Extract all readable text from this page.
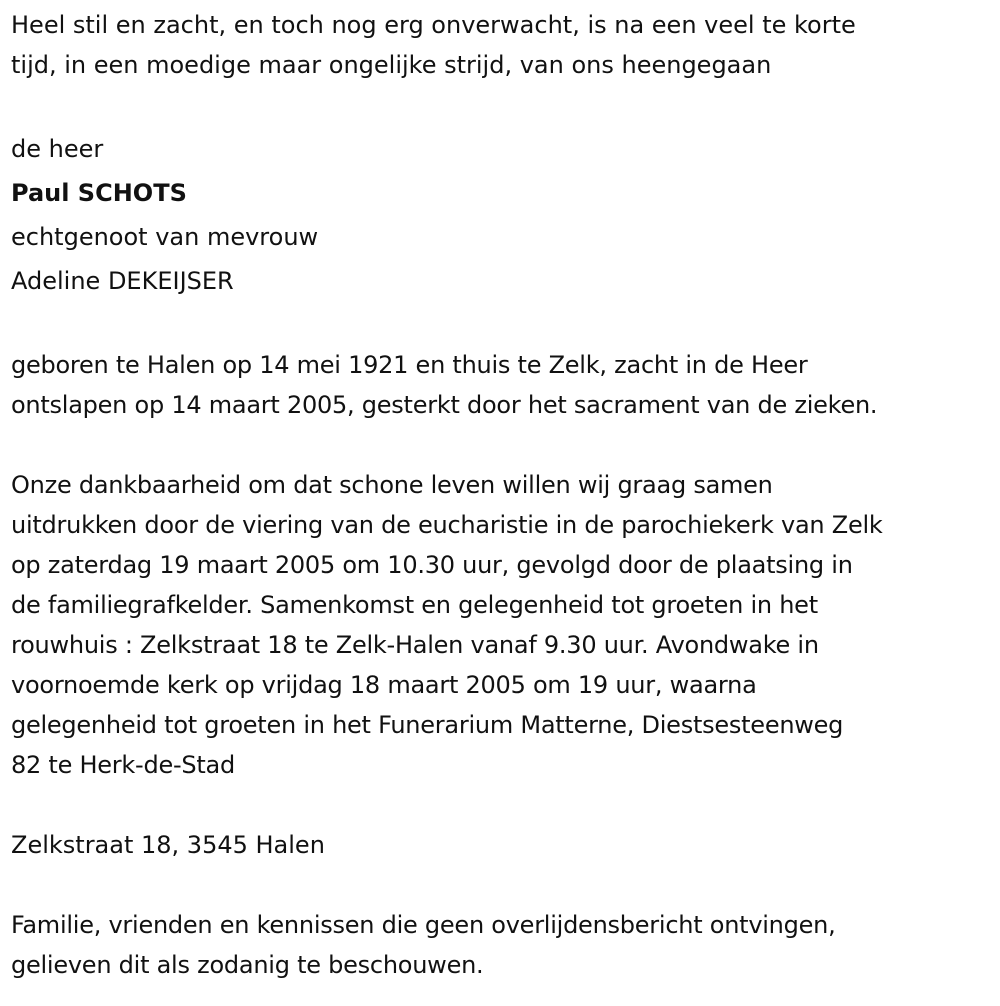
Heel stil en zacht, en toch nog erg onverwacht, is na een veel te korte
tijd, in een moedige maar ongelijke strijd, van ons heengegaan

de heer
Paul SCHOTS
echtgenoot van mevrouw
Adeline DEKEIJSER

geboren te Halen op 14 mei 1921 en thuis te Zelk, zacht in de Heer
ontslapen op 14 maart 2005, gesterkt door het sacrament van de zieken.

Onze dankbaarheid om dat schone leven willen wij graag samen
uitdrukken door de viering van de eucharistie in de parochiekerk van Zelk
op zaterdag 19 maart 2005 om 10.30 uur, gevolgd door de plaatsing in
de familiegrafkelder. Samenkomst en gelegenheid tot groeten in het
rouwhuis : Zelkstraat 18 te Zelk-Halen vanaf 9.30 uur. Avondwake in
voornoemde kerk op vrijdag 18 maart 2005 om 19 uur, waarna
gelegenheid tot groeten in het Funerarium Matterne, Diestsesteenweg
82 te Herk-de-Stad

Zelkstraat 18, 3545 Halen

Familie, vrienden en kennissen die geen overlijdensbericht ontvingen,
gelieven dit als zodanig te beschouwen.
